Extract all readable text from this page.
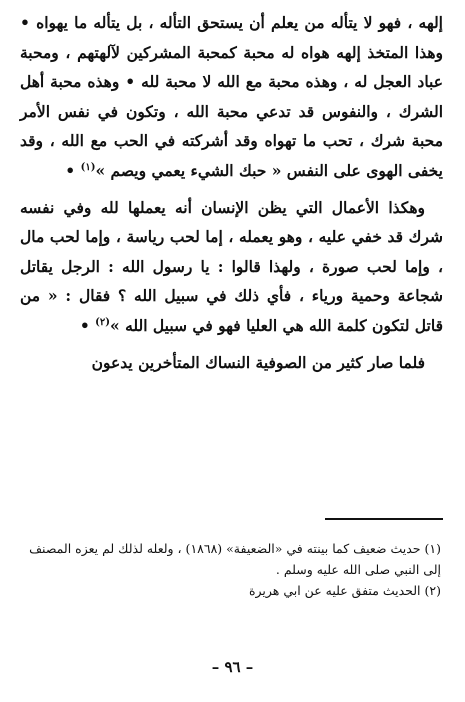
إلهه ، فهو لا يتأله من يعلم أن يستحق التأله ، بل يتأله ما يهواه • وهذا المتخذ إلهه هواه له محبة كمحبة المشركين لآلهتهم ، ومحبة عباد العجل له ، وهذه محبة مع الله لا محبة لله • وهذه محبة أهل الشرك ، والنفوس قد تدعي محبة الله ، وتكون في نفس الأمر محبة شرك ، تحب ما تهواه وقد أشركته في الحب مع الله ، وقد يخفى الهوى على النفس « حبك الشيء يعمي ويصم »$^{(١)}$ •

وهكذا الأعمال التي يظن الإنسان أنه يعملها لله وفي نفسه شرك قد خفي عليه ، وهو يعمله ، إما لحب رياسة ، وإما لحب مال ، وإما لحب صورة ، ولهذا قالوا : يا رسول الله : الرجل يقاتل شجاعة وحمية ورياء ، فأي ذلك في سبيل الله ؟ فقال : « من قاتل لتكون كلمة الله هي العليا فهو في سبيل الله »$^{(٢)}$ •

فلما صار كثير من الصوفية النساك المتأخرين يدعون

(١) حديث ضعيف كما بينته في «الضعيفة» (١٨٦٨) ، ولعله لذلك لم يعزه المصنف إلى النبي صلى الله عليه وسلم .

(٢) الحديث متفق عليه عن ابي هريرة

– ٩٦ –
